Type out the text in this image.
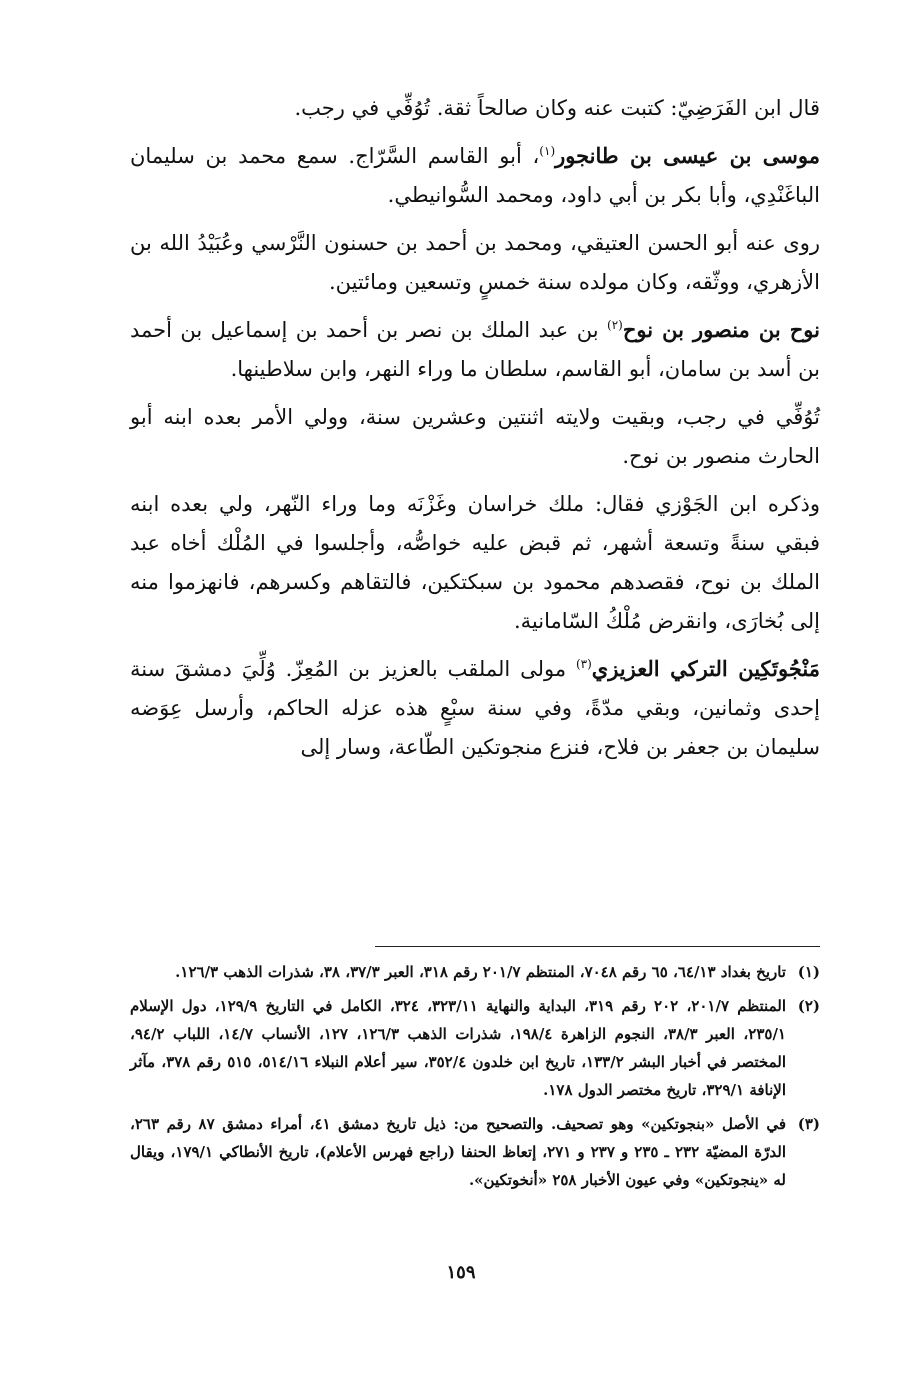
قال ابن الفَرَضِيّ: كتبت عنه وكان صالحاً ثقة. تُوُفِّي في رجب.

موسى بن عيسى بن طانجور$^{(١)}$، أبو القاسم السَّرّاج. سمع محمد بن سليمان الباغَنْدِي، وأبا بكر بن أبي داود، ومحمد السُّوانيطي.

روى عنه أبو الحسن العتيقي، ومحمد بن أحمد بن حسنون النَّرْسي وعُبَيْدُ الله بن الأزهري، ووثّقه، وكان مولده سنة خمسٍ وتسعين ومائتين.

نوح بن منصور بن نوح$^{(٢)}$ بن عبد الملك بن نصر بن أحمد بن إسماعيل بن أحمد بن أسد بن سامان، أبو القاسم، سلطان ما وراء النهر، وابن سلاطينها.

تُوُفِّي في رجب، وبقيت ولايته اثنتين وعشرين سنة، وولي الأمر بعده ابنه أبو الحارث منصور بن نوح.

وذكره ابن الجَوْزي فقال: ملك خراسان وغَزْنَه وما وراء النّهر، ولي بعده ابنه فبقي سنةً وتسعة أشهر، ثم قبض عليه خواصُّه، وأجلسوا في المُلْك أخاه عبد الملك بن نوح، فقصدهم محمود بن سبكتكين، فالتقاهم وكسرهم، فانهزموا منه إلى بُخارَى، وانقرض مُلْكُ السّامانية.

مَنْجُوتَكِين التركي العزيزي$^{(٣)}$ مولى الملقب بالعزيز بن المُعِزّ. وُلِّيَ دمشقَ سنة إحدى وثمانين، وبقي مدّةً، وفي سنة سبْعٍ هذه عزله الحاكم، وأرسل عِوَضه سليمان بن جعفر بن فلاح، فنزع منجوتكين الطّاعة، وسار إلى

(١)
تاريخ بغداد ٦٤/١٣، ٦٥ رقم ٧٠٤٨، المنتظم ٢٠١/٧ رقم ٣١٨، العبر ٣٧/٣، ٣٨، شذرات الذهب ١٢٦/٣.
(٢)
المنتظم ٢٠١/٧، ٢٠٢ رقم ٣١٩، البداية والنهاية ٣٢٣/١١، ٣٢٤، الكامل في التاريخ ١٢٩/٩، دول الإسلام ٢٣٥/١، العبر ٣٨/٣، النجوم الزاهرة ١٩٨/٤، شذرات الذهب ١٢٦/٣، ١٢٧، الأنساب ١٤/٧، اللباب ٩٤/٢، المختصر في أخبار البشر ١٣٣/٢، تاريخ ابن خلدون ٣٥٢/٤، سير أعلام النبلاء ٥١٤/١٦، ٥١٥ رقم ٣٧٨، مآثر الإنافة ٣٢٩/١، تاريخ مختصر الدول ١٧٨.
(٣)
في الأصل «بنجوتكين» وهو تصحيف. والتصحيح من: ذيل تاريخ دمشق ٤١، أمراء دمشق ٨٧ رقم ٢٦٣، الدرّة المضيّة ٢٣٢ ـ ٢٣٥ و ٢٣٧ و ٢٧١، إتعاظ الحنفا (راجع فهرس الأعلام)، تاريخ الأنطاكي ١٧٩/١، ويقال له «ينجوتكين» وفي عيون الأخبار ٢٥٨ «أنخوتكين».
١٥٩
